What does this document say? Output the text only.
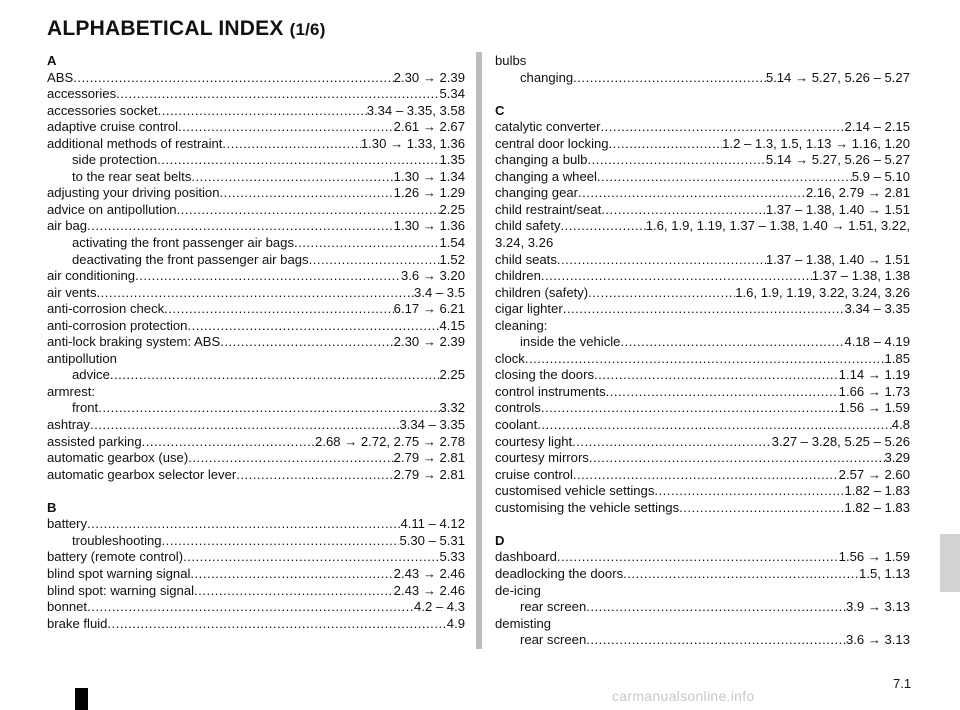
ALPHABETICAL INDEX (1/6)
A
ABS .....	2.30 → 2.39
accessories .....	5.34
accessories socket .....	3.34 – 3.35, 3.58
adaptive cruise control .....	2.61 → 2.67
additional methods of restraint .....	1.30 → 1.33, 1.36
side protection .....	1.35
to the rear seat belts .....	1.30 → 1.34
adjusting your driving position .....	1.26 → 1.29
advice on antipollution .....	2.25
air bag .....	1.30 → 1.36
activating the front passenger air bags .....	1.54
deactivating the front passenger air bags .....	1.52
air conditioning .....	3.6 → 3.20
air vents .....	3.4 – 3.5
anti-corrosion check .....	6.17 → 6.21
anti-corrosion protection .....	4.15
anti-lock braking system: ABS .....	2.30 → 2.39
antipollution
advice .....	2.25
armrest:
front .....	3.32
ashtray .....	3.34 – 3.35
assisted parking .....	2.68 → 2.72, 2.75 → 2.78
automatic gearbox (use) .....	2.79 → 2.81
automatic gearbox selector lever .....	2.79 → 2.81
B
battery .....	4.11 – 4.12
troubleshooting .....	5.30 – 5.31
battery (remote control) .....	5.33
blind spot warning signal .....	2.43 → 2.46
blind spot: warning signal .....	2.43 → 2.46
bonnet .....	4.2 – 4.3
brake fluid .....	4.9
bulbs
changing .....	5.14 → 5.27, 5.26 – 5.27
C
catalytic converter .....	2.14 – 2.15
central door locking .....	1.2 – 1.3, 1.5, 1.13 → 1.16, 1.20
changing a bulb .....	5.14 → 5.27, 5.26 – 5.27
changing a wheel .....	5.9 – 5.10
changing gear .....	2.16, 2.79 → 2.81
child restraint/seat .....	1.37 – 1.38, 1.40 → 1.51
child safety .....	1.6, 1.9, 1.19, 1.37 – 1.38, 1.40 → 1.51, 3.22,
3.24, 3.26
child seats .....	1.37 – 1.38, 1.40 → 1.51
children .....	1.37 – 1.38, 1.38
children (safety) .....	1.6, 1.9, 1.19, 3.22, 3.24, 3.26
cigar lighter .....	3.34 – 3.35
cleaning:
inside the vehicle .....	4.18 – 4.19
clock .....	1.85
closing the doors .....	1.14 → 1.19
control instruments .....	1.66 → 1.73
controls .....	1.56 → 1.59
coolant .....	4.8
courtesy light .....	3.27 – 3.28, 5.25 – 5.26
courtesy mirrors .....	3.29
cruise control .....	2.57 → 2.60
customised vehicle settings .....	1.82 – 1.83
customising the vehicle settings .....	1.82 – 1.83
D
dashboard .....	1.56 → 1.59
deadlocking the doors .....	1.5, 1.13
de-icing
rear screen .....	3.9 → 3.13
demisting
rear screen .....	3.6 → 3.13
7.1
carmanualsonline.info
